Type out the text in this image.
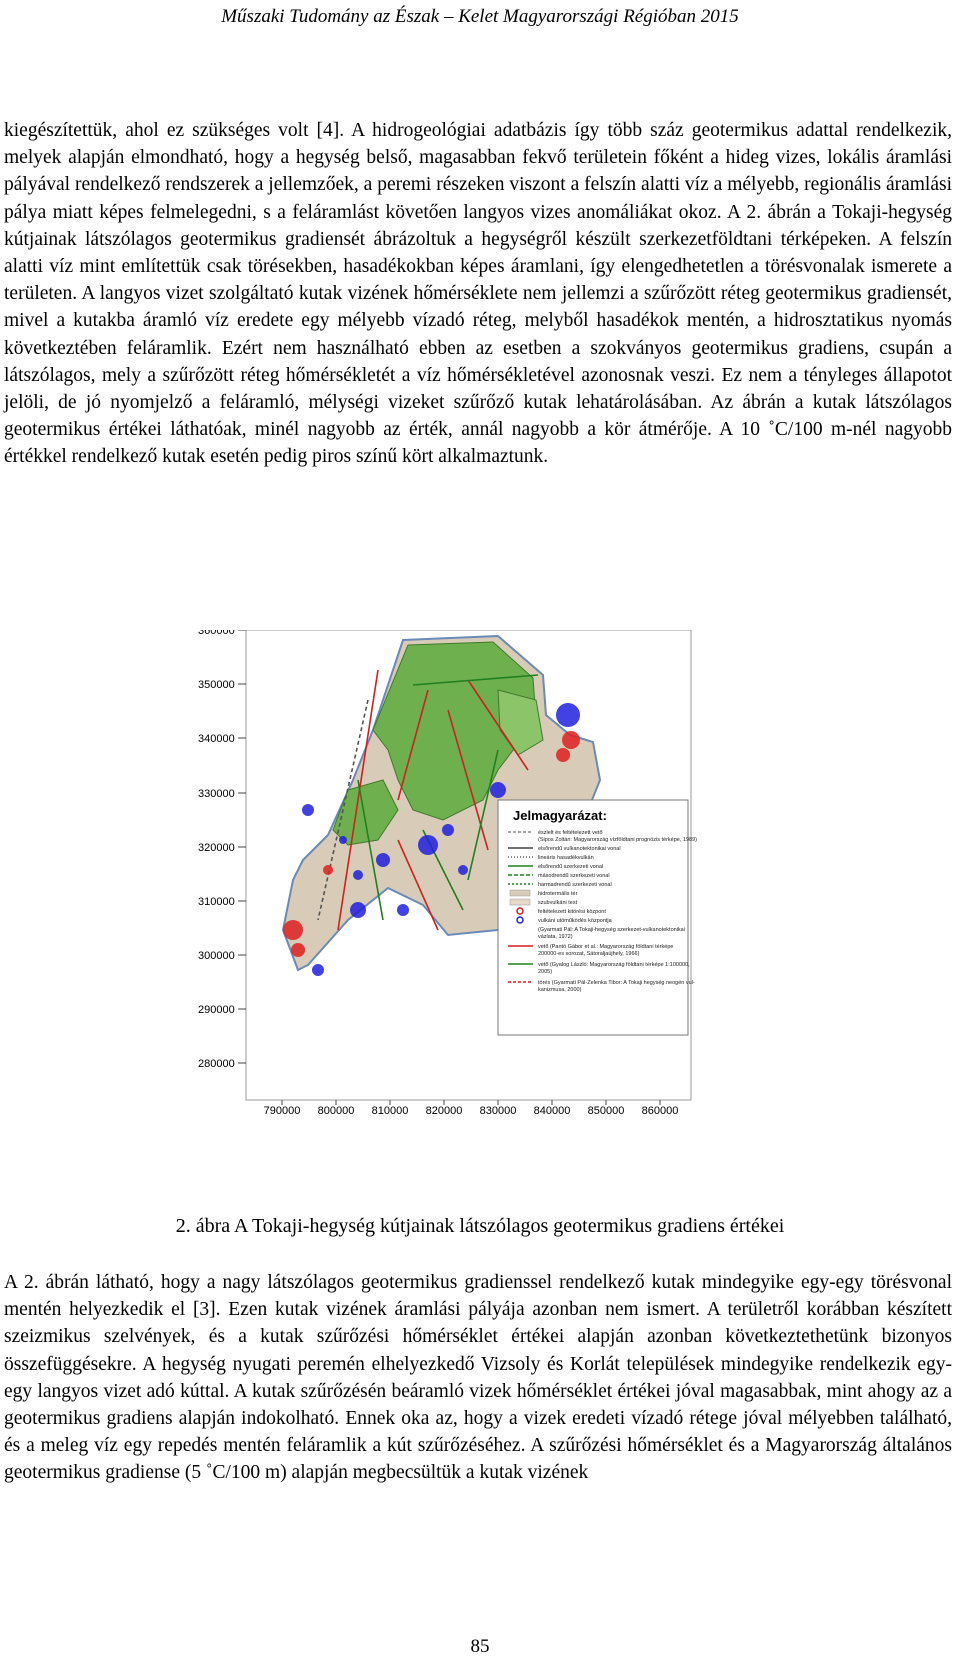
Műszaki Tudomány az Észak – Kelet Magyarországi Régióban 2015

kiegészítettük, ahol ez szükséges volt [4]. A hidrogeológiai adatbázis így több száz geotermikus adattal rendelkezik, melyek alapján elmondható, hogy a hegység belső, magasabban fekvő területein főként a hideg vizes, lokális áramlási pályával rendelkező rendszerek a jellemzőek, a peremi részeken viszont a felszín alatti víz a mélyebb, regionális áramlási pálya miatt képes felmelegedni, s a feláramlást követően langyos vizes anomáliákat okoz. A 2. ábrán a Tokaji-hegység kútjainak látszólagos geotermikus gradiensét ábrázoltuk a hegységről készült szerkezetföldtani térképeken. A felszín alatti víz mint említettük csak törésekben, hasadékokban képes áramlani, így elengedhetetlen a törésvonalak ismerete a területen. A langyos vizet szolgáltató kutak vizének hőmérséklete nem jellemzi a szűrőzött réteg geotermikus gradiensét, mivel a kutakba áramló víz eredete egy mélyebb vízadó réteg, melyből hasadékok mentén, a hidrosztatikus nyomás következtében feláramlik. Ezért nem használható ebben az esetben a szokványos geotermikus gradiens, csupán a látszólagos, mely a szűrőzött réteg hőmérsékletét a víz hőmérsékletével azonosnak veszi. Ez nem a tényleges állapotot jelöli, de jó nyomjelző a feláramló, mélységi vizeket szűrőző kutak lehatárolásában. Az ábrán a kutak látszólagos geotermikus értékei láthatóak, minél nagyobb az érték, annál nagyobb a kör átmérője. A 10 ˚C/100 m-nél nagyobb értékkel rendelkező kutak esetén pedig piros színű kört alkalmaztunk.

360000
350000
340000
330000
320000
310000
300000
290000
280000
790000 800000 810000 820000 830000 840000 850000 860000
Jelmagyarázat:
észlelt és feltételezett vető
(Sipos Zoltán: Magyarország vízföldtani prognózis térképe, 1989)
elsőrendű vulkanotektonikai vonal
lineáris hasadékvulkán
elsőrendű szerkezeti vonal
másodrendű szerkezeti vonal
harmadrendű szerkezeti vonal
hidrotermális tér
szubvulkáni test
feltételezett kitörési központ
vulkáni utóműködés központja
(Gyarmati Pál: A Tokaji-hegység szerkezet-vulkanotektonikai
vázlata, 1972)
vető (Pantó Gábor et al.: Magyarország földtani térképe
200000-es sorozat, Sátoraljaújhely, 1966)
vető (Gyalog László: Magyarország földtani térképe 1:100000,
2005)
törés (Gyarmati Pál-Zelenka Tibor: A Tokaji hegység neogén vul-
kanizmusa, 2000)
2. ábra A Tokaji-hegység kútjainak látszólagos geotermikus gradiens értékei

A 2. ábrán látható, hogy a nagy látszólagos geotermikus gradienssel rendelkező kutak mindegyike egy-egy törésvonal mentén helyezkedik el [3]. Ezen kutak vizének áramlási pályája azonban nem ismert. A területről korábban készített szeizmikus szelvények, és a kutak szűrőzési hőmérséklet értékei alapján azonban következtethetünk bizonyos összefüggésekre. A hegység nyugati peremén elhelyezkedő Vizsoly és Korlát települések mindegyike rendelkezik egy-egy langyos vizet adó kúttal. A kutak szűrőzésén beáramló vizek hőmérséklet értékei jóval magasabbak, mint ahogy az a geotermikus gradiens alapján indokolható. Ennek oka az, hogy a vizek eredeti vízadó rétege jóval mélyebben található, és a meleg víz egy repedés mentén feláramlik a kút szűrőzéséhez. A szűrőzési hőmérséklet és a Magyarország általános geotermikus gradiense (5 ˚C/100 m) alapján megbecsültük a kutak vizének

85
